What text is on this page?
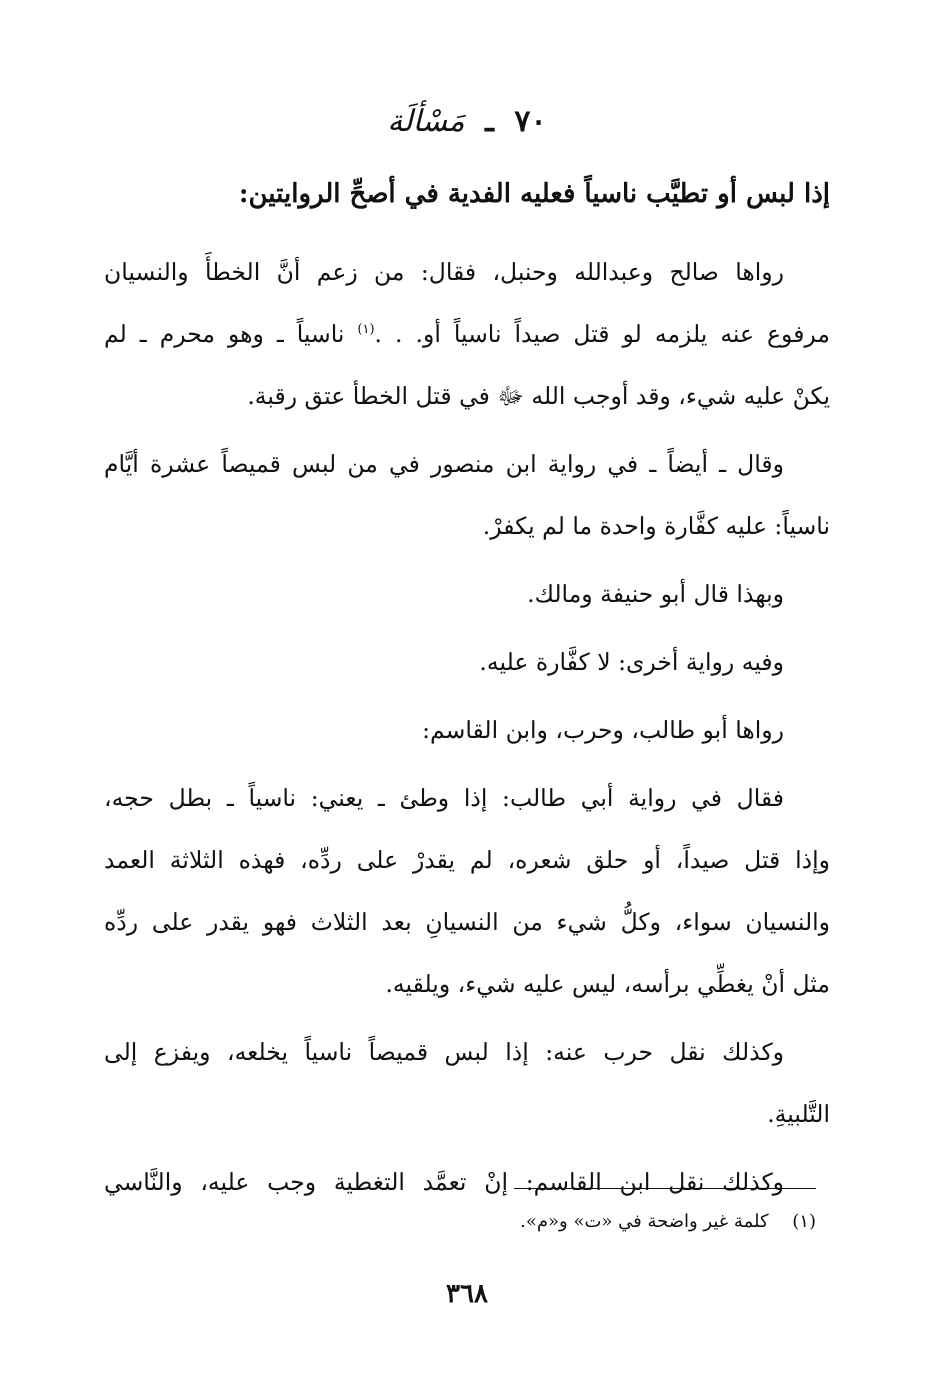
٧٠ ـ مَسْألَة
إذا لبس أو تطيَّب ناسياً فعليه الفدية في أصحِّ الروايتين:
رواها صالح وعبدالله وحنبل، فقال: من زعم أنَّ الخطأَ والنسيان
مرفوع عنه يلزمه لو قتل صيداً ناسياً أو. . .$^{(١)}$ ناسياً ـ وهو محرم ـ لم
يكنْ عليه شيء، وقد أوجب الله ﷻ في قتل الخطأ عتق رقبة.
وقال ـ أيضاً ـ في رواية ابن منصور في من لبس قميصاً عشرة أيَّام
ناسياً: عليه كفَّارة واحدة ما لم يكفرْ.
وبهذا قال أبو حنيفة ومالك.
وفيه رواية أخرى: لا كفَّارة عليه.
رواها أبو طالب، وحرب، وابن القاسم:
فقال في رواية أبي طالب: إذا وطئ ـ يعني: ناسياً ـ بطل حجه،
وإذا قتل صيداً، أو حلق شعره، لم يقدرْ على ردِّه، فهذه الثلاثة العمد
والنسيان سواء، وكلُّ شيء من النسيانِ بعد الثلاث فهو يقدر على ردِّه
مثل أنْ يغطِّي برأسه، ليس عليه شيء، ويلقيه.
وكذلك نقل حرب عنه: إذا لبس قميصاً ناسياً يخلعه، ويفزع إلى
التَّلبيةِ.
وكذلك نقل ابن القاسم: إنْ تعمَّد التغطية وجب عليه، والنَّاسي
(١) كلمة غير واضحة في «ت» و«م».
٣٦٨
